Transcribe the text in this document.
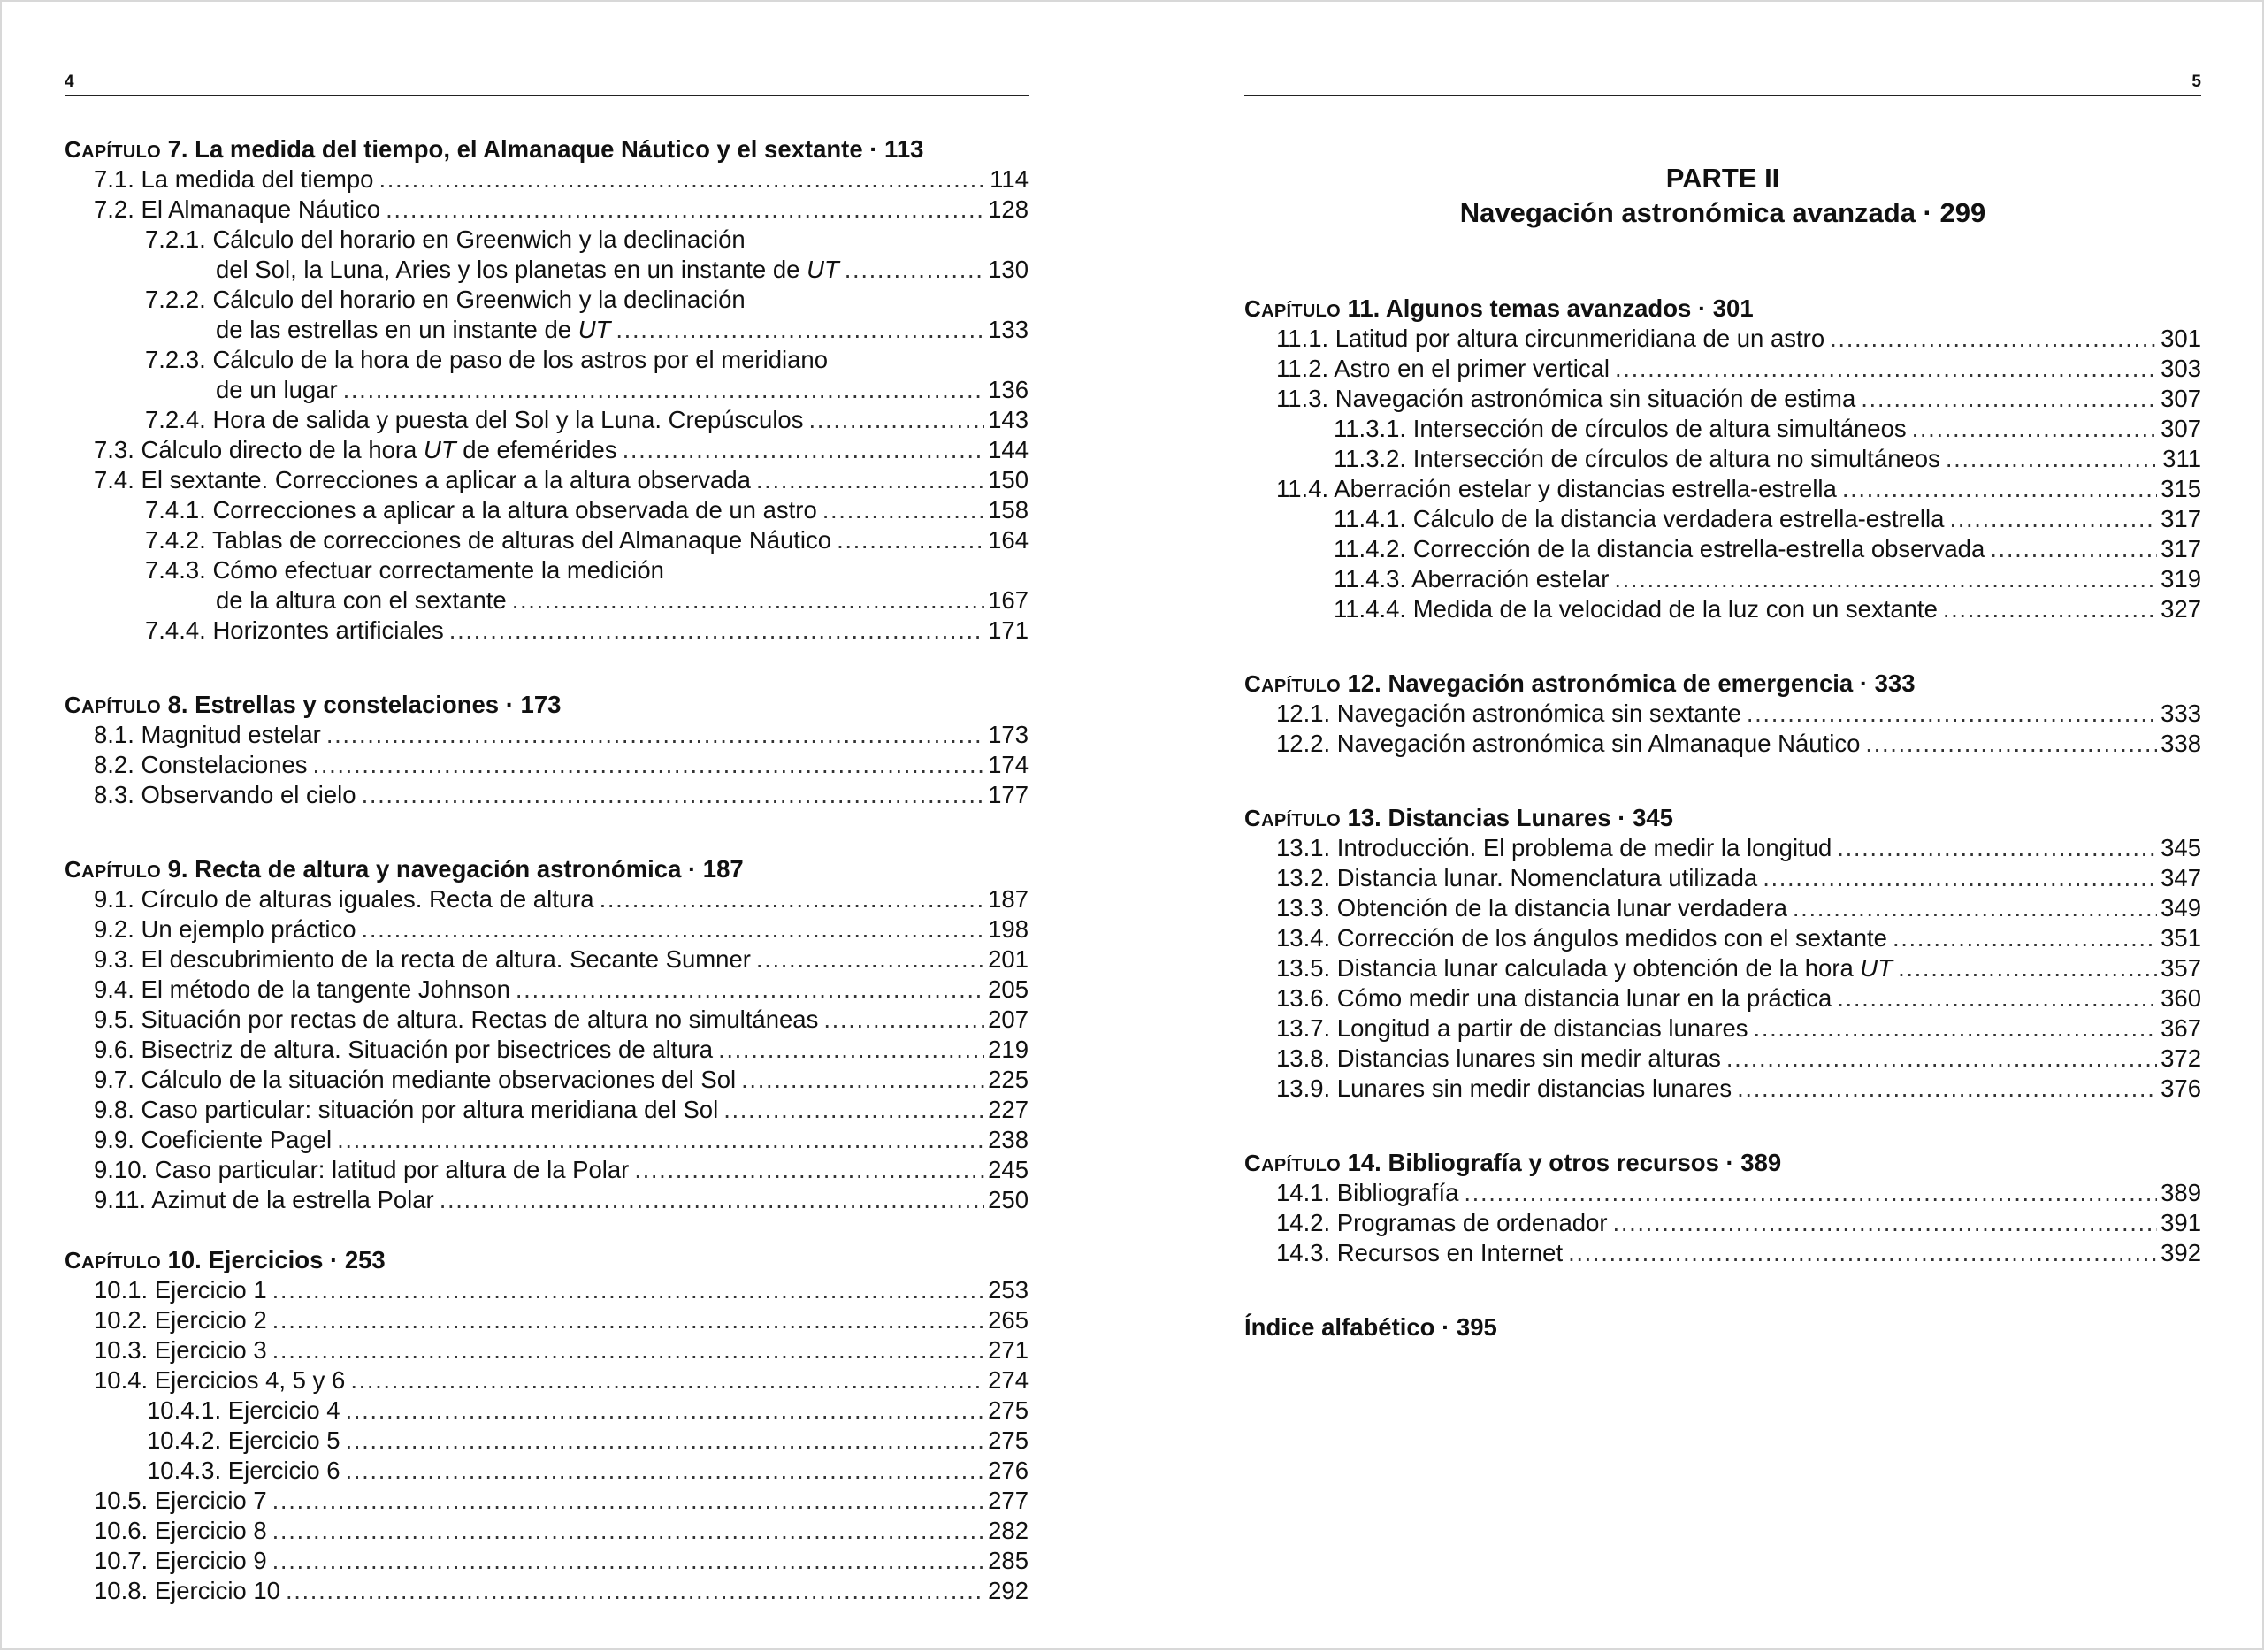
4
CAPÍTULO 7. La medida del tiempo, el Almanaque Náutico y el sextante · 113
7.1. La medida del tiempo . . .	114
7.2. El Almanaque Náutico . . .	128
7.2.1. Cálculo del horario en Greenwich y la declinación
del Sol, la Luna, Aries y los planetas en un instante de UT . . .	130
7.2.2. Cálculo del horario en Greenwich y la declinación
de las estrellas en un instante de UT . . .	133
7.2.3. Cálculo de la hora de paso de los astros por el meridiano
de un lugar . . .	136
7.2.4. Hora de salida y puesta del Sol y la Luna. Crepúsculos . . .	143
7.3. Cálculo directo de la hora UT de efemérides . . .	144
7.4. El sextante. Correcciones a aplicar a la altura observada . . .	150
7.4.1. Correcciones a aplicar a la altura observada de un astro . . .	158
7.4.2. Tablas de correcciones de alturas del Almanaque Náutico . . .	164
7.4.3. Cómo efectuar correctamente la medición
de la altura con el sextante . . .	167
7.4.4. Horizontes artificiales . . .	171
CAPÍTULO 8. Estrellas y constelaciones · 173
8.1. Magnitud estelar . . .	173
8.2. Constelaciones . . .	174
8.3. Observando el cielo . . .	177
CAPÍTULO 9. Recta de altura y navegación astronómica · 187
9.1. Círculo de alturas iguales. Recta de altura . . .	187
9.2. Un ejemplo práctico . . .	198
9.3. El descubrimiento de la recta de altura. Secante Sumner . . .	201
9.4. El método de la tangente Johnson . . .	205
9.5. Situación por rectas de altura. Rectas de altura no simultáneas . . .	207
9.6. Bisectriz de altura. Situación por bisectrices de altura . . .	219
9.7. Cálculo de la situación mediante observaciones del Sol . . .	225
9.8. Caso particular: situación por altura meridiana del Sol . . .	227
9.9. Coeficiente Pagel . . .	238
9.10. Caso particular: latitud por altura de la Polar . . .	245
9.11. Azimut de la estrella Polar . . .	250
CAPÍTULO 10. Ejercicios · 253
10.1. Ejercicio 1 . . .	253
10.2. Ejercicio 2 . . .	265
10.3. Ejercicio 3 . . .	271
10.4. Ejercicios 4, 5 y 6 . . .	274
10.4.1. Ejercicio 4 . . .	275
10.4.2. Ejercicio 5 . . .	275
10.4.3. Ejercicio 6 . . .	276
10.5. Ejercicio 7 . . .	277
10.6. Ejercicio 8 . . .	282
10.7. Ejercicio 9 . . .	285
10.8. Ejercicio 10 . . .	292
5
PARTE II
Navegación astronómica avanzada · 299
CAPÍTULO 11. Algunos temas avanzados · 301
11.1. Latitud por altura circunmeridiana de un astro . . .	301
11.2. Astro en el primer vertical . . .	303
11.3. Navegación astronómica sin situación de estima . . .	307
11.3.1. Intersección de círculos de altura simultáneos . . .	307
11.3.2. Intersección de círculos de altura no simultáneos . . .	311
11.4. Aberración estelar y distancias estrella-estrella . . .	315
11.4.1. Cálculo de la distancia verdadera estrella-estrella . . .	317
11.4.2. Corrección de la distancia estrella-estrella observada . . .	317
11.4.3. Aberración estelar . . .	319
11.4.4. Medida de la velocidad de la luz con un sextante . . .	327
CAPÍTULO 12. Navegación astronómica de emergencia · 333
12.1. Navegación astronómica sin sextante . . .	333
12.2. Navegación astronómica sin Almanaque Náutico . . .	338
CAPÍTULO 13. Distancias Lunares · 345
13.1. Introducción. El problema de medir la longitud . . .	345
13.2. Distancia lunar. Nomenclatura utilizada . . .	347
13.3. Obtención de la distancia lunar verdadera . . .	349
13.4. Corrección de los ángulos medidos con el sextante . . .	351
13.5. Distancia lunar calculada y obtención de la hora UT . . .	357
13.6. Cómo medir una distancia lunar en la práctica . . .	360
13.7. Longitud a partir de distancias lunares . . .	367
13.8. Distancias lunares sin medir alturas . . .	372
13.9. Lunares sin medir distancias lunares . . .	376
CAPÍTULO 14. Bibliografía y otros recursos · 389
14.1. Bibliografía . . .	389
14.2. Programas de ordenador . . .	391
14.3. Recursos en Internet . . .	392
Índice alfabético · 395
